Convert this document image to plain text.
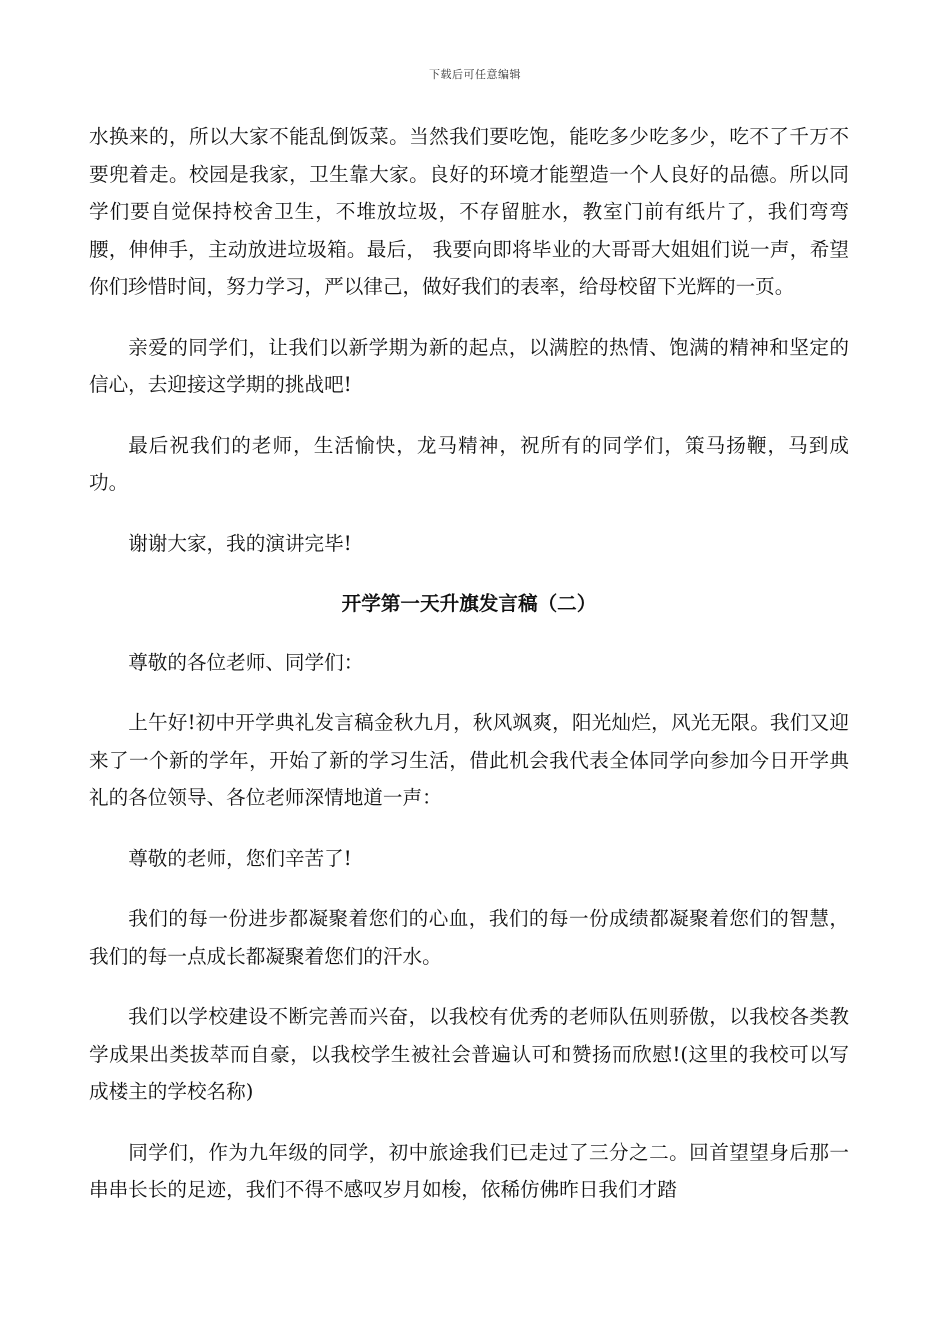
下载后可任意编辑

水换来的，所以大家不能乱倒饭菜。当然我们要吃饱，能吃多少吃多少，吃不了千万不要兜着走。校园是我家，卫生靠大家。良好的环境才能塑造一个人良好的品德。所以同学们要自觉保持校舍卫生，不堆放垃圾，不存留脏水，教室门前有纸片了，我们弯弯腰，伸伸手，主动放进垃圾箱。最后， 我要向即将毕业的大哥哥大姐姐们说一声，希望你们珍惜时间，努力学习，严以律己，做好我们的表率，给母校留下光辉的一页。

亲爱的同学们，让我们以新学期为新的起点，以满腔的热情、饱满的精神和坚定的信心，去迎接这学期的挑战吧!

最后祝我们的老师，生活愉快，龙马精神，祝所有的同学们，策马扬鞭，马到成功。

谢谢大家，我的演讲完毕!

开学第一天升旗发言稿（二）

尊敬的各位老师、同学们：

上午好!初中开学典礼发言稿金秋九月，秋风飒爽，阳光灿烂，风光无限。我们又迎来了一个新的学年，开始了新的学习生活，借此机会我代表全体同学向参加今日开学典礼的各位领导、各位老师深情地道一声：

尊敬的老师，您们辛苦了!

我们的每一份进步都凝聚着您们的心血，我们的每一份成绩都凝聚着您们的智慧，我们的每一点成长都凝聚着您们的汗水。

我们以学校建设不断完善而兴奋，以我校有优秀的老师队伍则骄傲，以我校各类教学成果出类拔萃而自豪，以我校学生被社会普遍认可和赞扬而欣慰!(这里的我校可以写成楼主的学校名称)

同学们，作为九年级的同学，初中旅途我们已走过了三分之二。回首望望身后那一串串长长的足迹，我们不得不感叹岁月如梭，依稀仿佛昨日我们才踏
